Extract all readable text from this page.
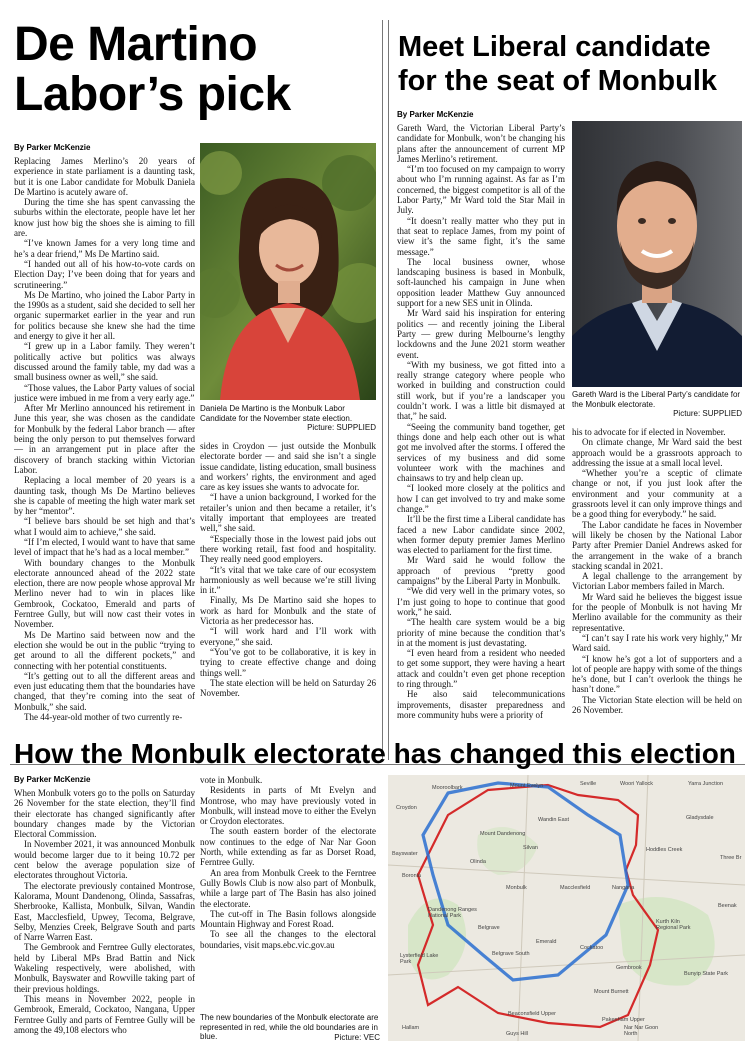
De Martino
Labor’s pick
By Parker McKenzie

Replacing James Merlino’s 20 years of experience in state parliament is a daunting task, but it is one Labor candidate for Mobulk Daniela De Martino is acutely aware of.

During the time she has spent canvassing the suburbs within the electorate, people have let her know just how big the shoes she is aiming to fill are.

“I’ve known James for a very long time and he’s a dear friend,” Ms De Martino said.

“I handed out all of his how-to-vote cards on Election Day; I’ve been doing that for years and scrutineering.”

Ms De Martino, who joined the Labor Party in the 1990s as a student, said she decided to sell her organic supermarket earlier in the year and run for politics because she knew she had the time and energy to give it her all.

“I grew up in a Labor family. They weren’t politically active but politics was always discussed around the family table, my dad was a small business owner as well,” she said.

“Those values, the Labor Party values of social justice were imbued in me from a very early age.”

After Mr Merlino announced his retirement in June this year, she was chosen as the candidate for Monbulk by the federal Labor branch — after being the only person to put themselves forward — in an arrangement put in place after the discovery of branch stacking within Victorian Labor.

Replacing a local member of 20 years is a daunting task, though Ms De Martino believes she is capable of meeting the high water mark set by her “mentor”.

“I believe bars should be set high and that’s what I would aim to achieve,” she said.

“If I’m elected, I would want to have that same level of impact that he’s had as a local member.”

With boundary changes to the Monbulk electorate announced ahead of the 2022 state election, there are now people whose approval Mr Merlino never had to win in places like Gembrook, Cockatoo, Emerald and parts of Ferntree Gully, but will now cast their votes in November.

Ms De Martino said between now and the election she would be out in the public “trying to get around to all the different pockets,” and connecting with her potential constituents.

“It’s getting out to all the different areas and even just educating them that the boundaries have changed, that they’re coming into the seat of Monbulk,” she said.

The 44-year-old mother of two currently re-

Daniela De Martino is the Monbulk Labor Candidate for the November state election.
Picture: SUPPLIED

sides in Croydon — just outside the Monbulk electorate border — and said she isn’t a single issue candidate, listing education, small business and workers’ rights, the environment and aged care as key issues she wants to advocate for.

“I have a union background, I worked for the retailer’s union and then became a retailer, it’s vitally important that employees are treated well,” she said.

“Especially those in the lowest paid jobs out there working retail, fast food and hospitality. They really need good employers.

“It’s vital that we take care of our ecosystem harmoniously as well because we’re still living in it.”

Finally, Ms De Martino said she hopes to work as hard for Monbulk and the state of Victoria as her predecessor has.

“I will work hard and I’ll work with everyone,” she said.

“You’ve got to be collaborative, it is key in trying to create effective change and doing things well.”

The state election will be held on Saturday 26 November.

Meet Liberal candidate
for the seat of Monbulk
By Parker McKenzie

Gareth Ward, the Victorian Liberal Party’s candidate for Monbulk, won’t be changing his plans after the announcement of current MP James Merlino’s retirement.

“I’m too focused on my campaign to worry about who I’m running against. As far as I’m concerned, the biggest competitor is all of the Labor Party,” Mr Ward told the Star Mail in July.

“It doesn’t really matter who they put in that seat to replace James, from my point of view it’s the same fight, it’s the same message.”

The local business owner, whose landscaping business is based in Monbulk, soft-launched his campaign in June when opposition leader Matthew Guy announced support for a new SES unit in Olinda.

Mr Ward said his inspiration for entering politics — and recently joining the Liberal Party — grew during Melbourne’s lengthy lockdowns and the June 2021 storm weather event.

“With my business, we got fitted into a really strange category where people who worked in building and construction could still work, but if you’re a landscaper you couldn’t work. I was a little bit dismayed at that,” he said.

“Seeing the community band together, get things done and help each other out is what got me involved after the storms. I offered the services of my business and did some volunteer work with the machines and chainsaws to try and help clean up.

“I looked more closely at the politics and how I can get involved to try and make some change.”

It’ll be the first time a Liberal candidate has faced a new Labor candidate since 2002, when former deputy premier James Merlino was elected to parliament for the first time.

Mr Ward said he would follow the approach of previous “pretty good campaigns” by the Liberal Party in Monbulk.

“We did very well in the primary votes, so I’m just going to hope to continue that good work,” he said.

“The health care system would be a big priority of mine because the condition that’s in at the moment is just devastating.

“I even heard from a resident who needed to get some support, they were having a heart attack and couldn’t even get phone reception to ring through.”

He also said telecommunications improvements, disaster preparedness and more community hubs were a priority of

Gareth Ward is the Liberal Party’s candidate for the Monbulk electorate.
Picture: SUPPLIED

his to advocate for if elected in November.

On climate change, Mr Ward said the best approach would be a grassroots approach to addressing the issue at a small local level.

“Whether you’re a sceptic of climate change or not, if you just look after the environment and your community at a grassroots level it can only improve things and be a good thing for everybody.” he said.

The Labor candidate he faces in November will likely be chosen by the National Labor Party after Premier Daniel Andrews asked for the arrangement in the wake of a branch stacking scandal in 2021.

A legal challenge to the arrangement by Victorian Labor members failed in March.

Mr Ward said he believes the biggest issue for the people of Monbulk is not having Mr Merlino available for the community as their representative.

“I can’t say I rate his work very highly,” Mr Ward said.

“I know he’s got a lot of supporters and a lot of people are happy with some of the things he’s done, but I can’t overlook the things he hasn’t done.”

The Victorian State election will be held on 26 November.

How the Monbulk electorate has changed this election
By Parker McKenzie

When Monbulk voters go to the polls on Saturday 26 November for the state election, they’ll find their electorate has changed significantly after boundary changes made by the Victorian Electoral Commission.

In November 2021, it was announced Monbulk would become larger due to it being 10.72 per cent below the average population size of electorates throughout Victoria.

The electorate previously contained Montrose, Kalorama, Mount Dandenong, Olinda, Sassafras, Sherbrooke, Kallista, Monbulk, Silvan, Wandin East, Macclesfield, Upwey, Tecoma, Belgrave, Selby, Menzies Creek, Belgrave South and parts of Narre Warren East.

The Gembrook and Ferntree Gully electorates, held by Liberal MPs Brad Battin and Nick Wakeling respectively, were abolished, with Monbulk, Bayswater and Rowville taking part of their previous holdings.

This means in November 2022, people in Gembrook, Emerald, Cockatoo, Nangana, Upper Ferntree Gully and parts of Ferntree Gully will be among the 49,108 electors who

vote in Monbulk.

Residents in parts of Mt Evelyn and Montrose, who may have previously voted in Monbulk, will instead move to either the Evelyn or Croydon electorates.

The south eastern border of the electorate now continues to the edge of Nar Nar Goon North, while extending as far as Dorset Road, Ferntree Gully.

An area from Monbulk Creek to the Ferntree Gully Bowls Club is now also part of Monbulk, while a large part of The Basin has also joined the electorate.

The cut-off in The Basin follows alongside Mountain Highway and Forest Road.

To see all the changes to the electoral boundaries, visit maps.ebc.vic.gov.au

The new boundaries of the Monbulk electorate are represented in red, while the old boundaries are in blue.	Picture: VEC
Mooroolbark	Mount Evelyn	Seville	Woori Yallock	Yarra Junction
Croydon
Wandin East	Gladysdale
Mount Dandenong
Silvan	Hoddles Creek
Bayswater
Olinda
Three Br
Boronia
Monbulk	Macclesfield	Nangana
Beenak
Dandenong Ranges National Park
Kurth Kiln Regional Park
Belgrave
Emerald
Cockatoo
Belgrave South
Lysterfield Lake Park
Gembrook
Bunyip State Park
Mount Burnett
Beaconsfield Upper
Pakenham Upper
Nar Nar Goon North
Hallam
Guys Hill
